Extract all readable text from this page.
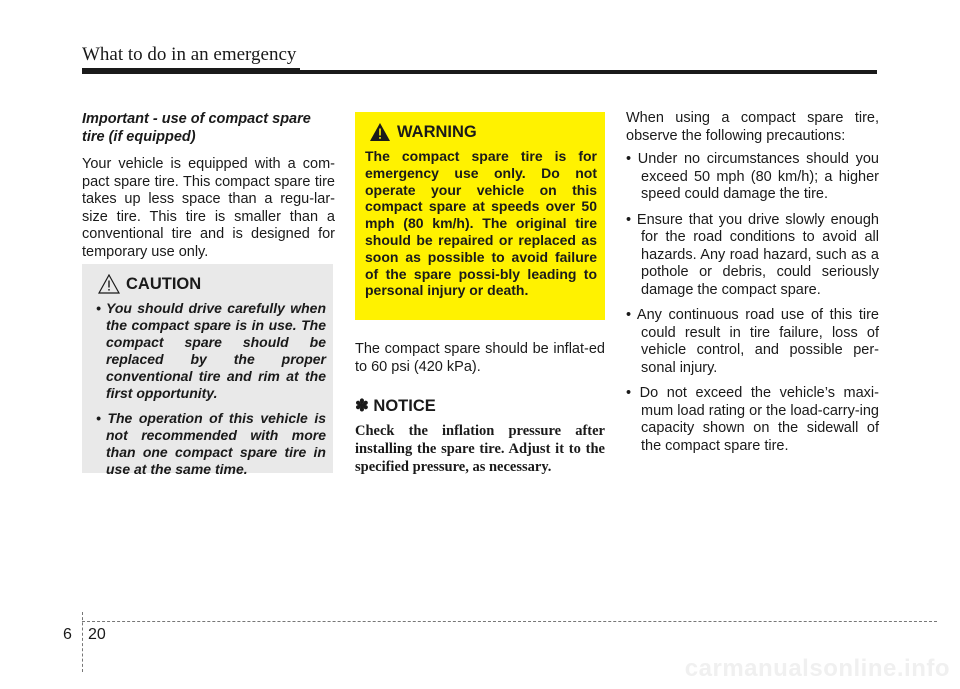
What to do in an emergency

Important - use of compact spare tire (if equipped)

Your vehicle is equipped with a com-pact spare tire. This compact spare tire takes up less space than a regu-lar-size tire. This tire is smaller than a conventional tire and is designed for temporary use only.

CAUTION
• You should drive carefully when the compact spare is in use. The compact spare should be replaced by the proper conventional tire and rim at the first opportunity.
• The operation of this vehicle is not recommended with more than one compact spare tire in use at the same time.
WARNING

The compact spare tire is for emergency use only. Do not operate your vehicle on this compact spare at speeds over 50 mph (80 km/h). The original tire should be repaired or replaced as soon as possible to avoid failure of the spare possi-bly leading to personal injury or death.

The compact spare should be inflat-ed to 60 psi (420 kPa).

✽ NOTICE

Check the inflation pressure after installing the spare tire. Adjust it to the specified pressure, as necessary.

When using a compact spare tire, observe the following precautions:

• Under no circumstances should you exceed 50 mph (80 km/h); a higher speed could damage the tire.
• Ensure that you drive slowly enough for the road conditions to avoid all hazards. Any road hazard, such as a pothole or debris, could seriously damage the compact spare.
• Any continuous road use of this tire could result in tire failure, loss of vehicle control, and possible per-sonal injury.
• Do not exceed the vehicle’s maxi-mum load rating or the load-carry-ing capacity shown on the sidewall of the compact spare tire.
6 20
carmanualsonline.info
